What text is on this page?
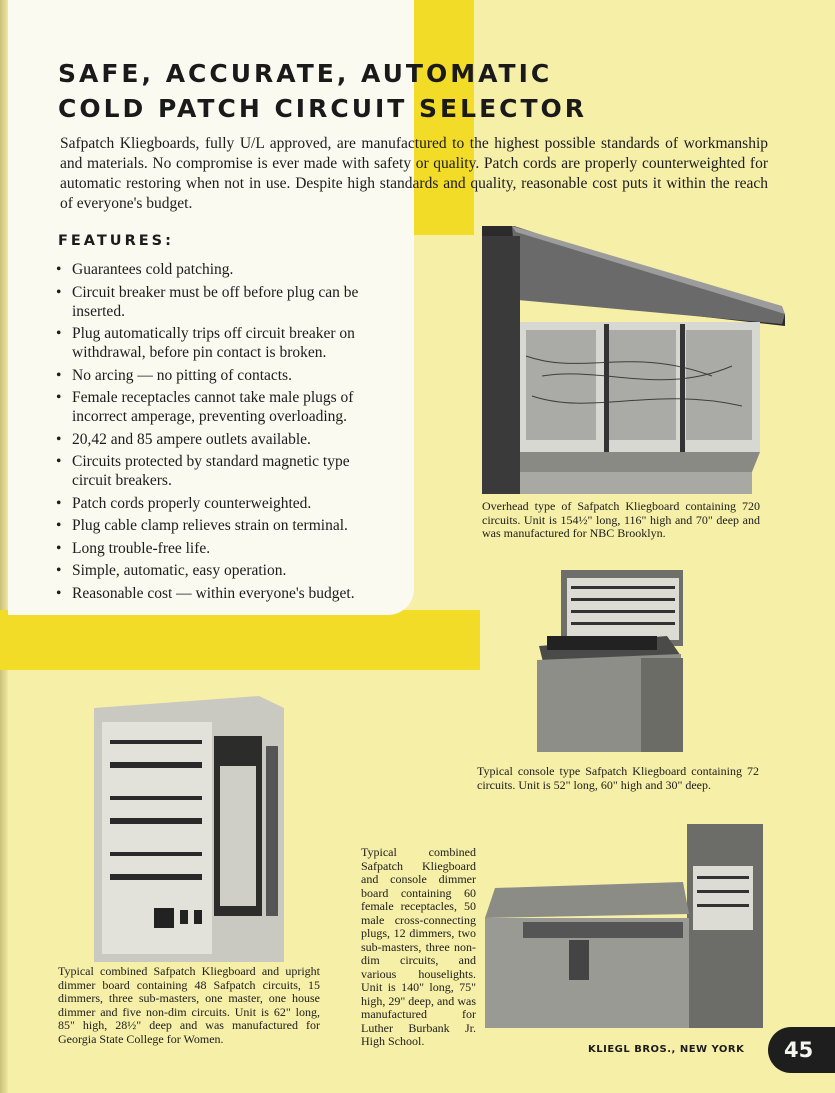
SAFE, ACCURATE, AUTOMATIC
COLD PATCH CIRCUIT SELECTOR

Safpatch Kliegboards, fully U/L approved, are manufactured to the highest possible standards of workmanship and materials. No compromise is ever made with safety or quality. Patch cords are properly counterweighted for automatic restoring when not in use. Despite high standards and quality, reasonable cost puts it within the reach of everyone's budget.

FEATURES:
• Guarantees cold patching.
• Circuit breaker must be off before plug can be inserted.
• Plug automatically trips off circuit breaker on withdrawal, before pin contact is broken.
• No arcing — no pitting of contacts.
• Female receptacles cannot take male plugs of incorrect amperage, preventing overloading.
• 20,42 and 85 ampere outlets available.
• Circuits protected by standard magnetic type circuit breakers.
• Patch cords properly counterweighted.
• Plug cable clamp relieves strain on terminal.
• Long trouble-free life.
• Simple, automatic, easy operation.
• Reasonable cost — within everyone's budget.

Overhead type of Safpatch Kliegboard containing 720 circuits. Unit is 154½" long, 116" high and 70" deep and was manufactured for NBC Brooklyn.

Typical console type Safpatch Kliegboard containing 72 circuits. Unit is 52" long, 60" high and 30" deep.

Typical combined Safpatch Kliegboard and upright dimmer board containing 48 Safpatch circuits, 15 dimmers, three sub-masters, one master, one house dimmer and five non-dim circuits. Unit is 62" long, 85" high, 28½" deep and was manufactured for Georgia State College for Women.

Typical combined Safpatch Kliegboard and console dimmer board containing 60 female receptacles, 50 male cross-connecting plugs, 12 dimmers, two sub-masters, three non-dim circuits, and various houselights. Unit is 140" long, 75" high, 29" deep, and was manufactured for Luther Burbank Jr. High School.

KLIEGL BROS., NEW YORK	45
